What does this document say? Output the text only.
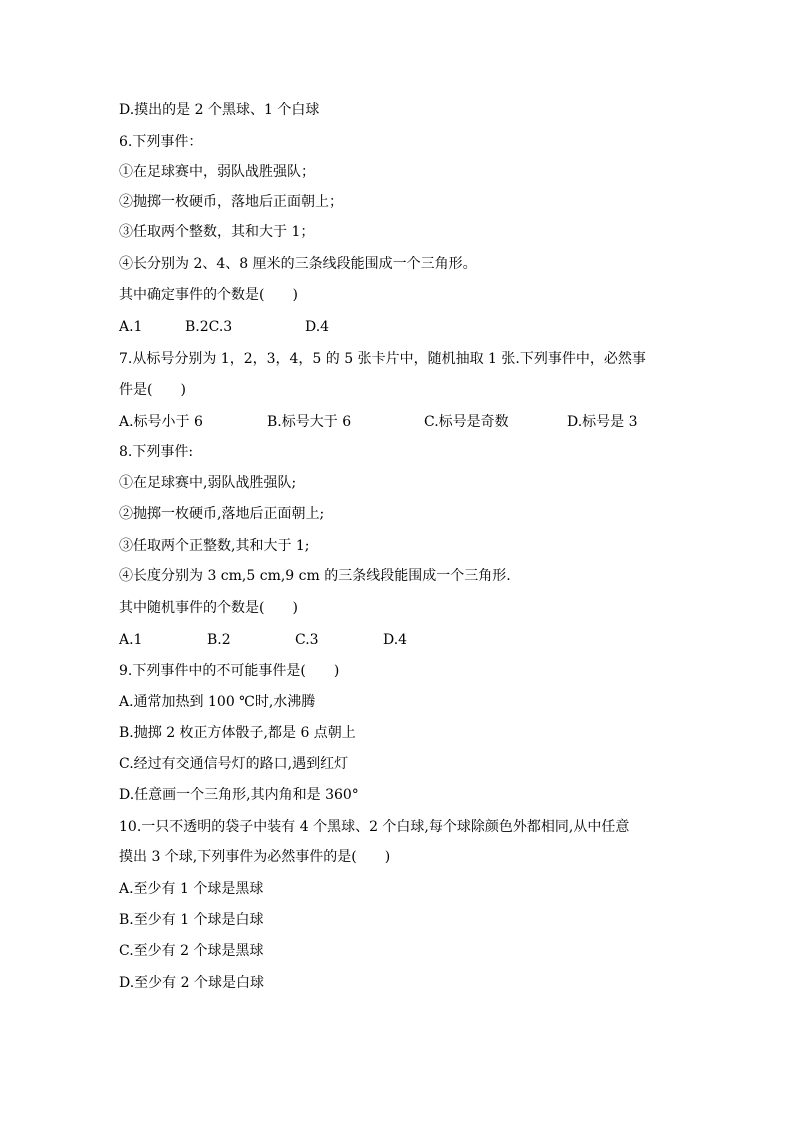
D.摸出的是 2 个黑球、1 个白球
6.下列事件：
①在足球赛中，弱队战胜强队；
②抛掷一枚硬币，落地后正面朝上；
③任取两个整数，其和大于 1；
④长分别为 2、4、8 厘米的三条线段能围成一个三角形。
其中确定事件的个数是(　　)
A.1	B.2C.3	D.4
7.从标号分别为 1，2，3，4，5 的 5 张卡片中，随机抽取 1 张.下列事件中，必然事
件是(　　)
A.标号小于 6	B.标号大于 6	C.标号是奇数	D.标号是 3
8.下列事件:
①在足球赛中,弱队战胜强队;
②抛掷一枚硬币,落地后正面朝上;
③任取两个正整数,其和大于 1;
④长度分别为 3 cm,5 cm,9 cm 的三条线段能围成一个三角形.
其中随机事件的个数是(　　)
A.1	B.2	C.3	D.4
9.下列事件中的不可能事件是(　　)
A.通常加热到 100 ℃时,水沸腾
B.抛掷 2 枚正方体骰子,都是 6 点朝上
C.经过有交通信号灯的路口,遇到红灯
D.任意画一个三角形,其内角和是 360°
10.一只不透明的袋子中装有 4 个黑球、2 个白球,每个球除颜色外都相同,从中任意
摸出 3 个球,下列事件为必然事件的是(　　)
A.至少有 1 个球是黑球
B.至少有 1 个球是白球
C.至少有 2 个球是黑球
D.至少有 2 个球是白球
